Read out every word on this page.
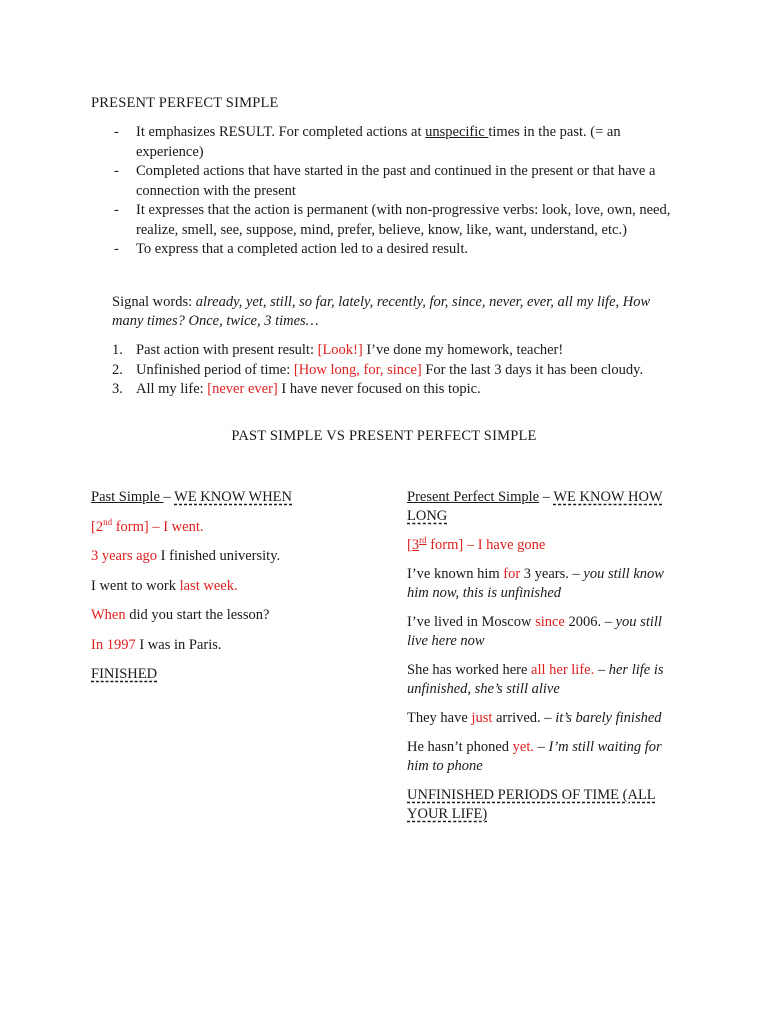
PRESENT PERFECT SIMPLE
- It emphasizes RESULT. For completed actions at unspecific times in the past. (= an experience)
- Completed actions that have started in the past and continued in the present or that have a connection with the present
- It expresses that the action is permanent (with non-progressive verbs: look, love, own, need, realize, smell, see, suppose, mind, prefer, believe, know, like, want, understand, etc.)
- To express that a completed action led to a desired result.
Signal words: already, yet, still, so far, lately, recently, for, since, never, ever, all my life, How many times? Once, twice, 3 times…
1. Past action with present result: [Look!] I’ve done my homework, teacher!
2. Unfinished period of time: [How long, for, since] For the last 3 days it has been cloudy.
3. All my life: [never ever] I have never focused on this topic.
PAST SIMPLE VS PRESENT PERFECT SIMPLE

Past Simple – WE KNOW WHEN

[2nd form] – I went.

3 years ago I finished university.

I went to work last week.

When did you start the lesson?

In 1997 I was in Paris.

FINISHED

Present Perfect Simple – WE KNOW HOW LONG

[3rd form] – I have gone

I’ve known him for 3 years. – you still know him now, this is unfinished

I’ve lived in Moscow since 2006. – you still live here now

She has worked here all her life. – her life is unfinished, she’s still alive

They have just arrived. – it’s barely finished

He hasn’t phoned yet. – I’m still waiting for him to phone

UNFINISHED PERIODS OF TIME (ALL YOUR LIFE)
